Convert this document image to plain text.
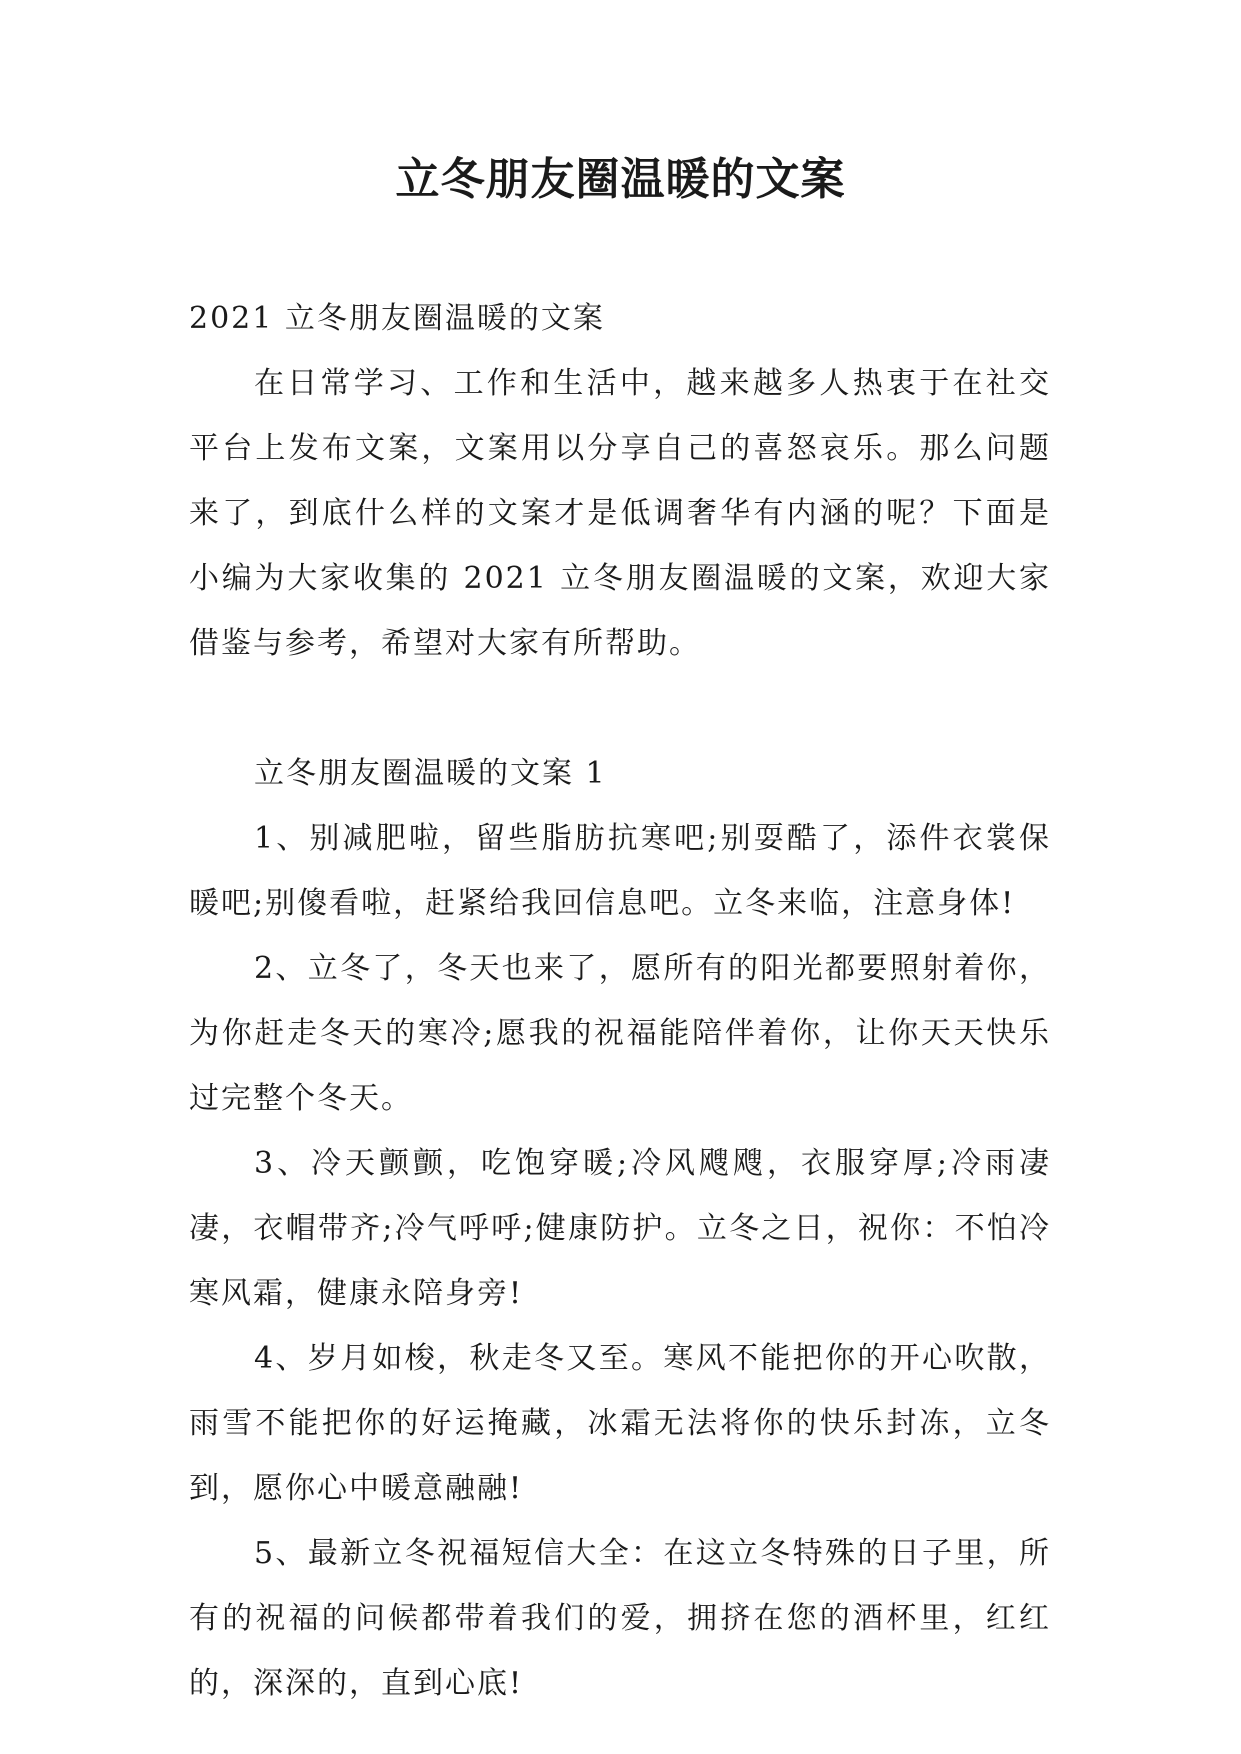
立冬朋友圈温暖的文案

2021 立冬朋友圈温暖的文案

在日常学习、工作和生活中，越来越多人热衷于在社交平台上发布文案，文案用以分享自己的喜怒哀乐。那么问题来了，到底什么样的文案才是低调奢华有内涵的呢？下面是小编为大家收集的 2021 立冬朋友圈温暖的文案，欢迎大家借鉴与参考，希望对大家有所帮助。

立冬朋友圈温暖的文案 1

1、别减肥啦，留些脂肪抗寒吧;别耍酷了，添件衣裳保暖吧;别傻看啦，赶紧给我回信息吧。立冬来临，注意身体!

2、立冬了，冬天也来了，愿所有的阳光都要照射着你，为你赶走冬天的寒冷;愿我的祝福能陪伴着你，让你天天快乐过完整个冬天。

3、冷天颤颤，吃饱穿暖;冷风飕飕，衣服穿厚;冷雨凄凄，衣帽带齐;冷气呼呼;健康防护。立冬之日，祝你：不怕冷寒风霜，健康永陪身旁!

4、岁月如梭，秋走冬又至。寒风不能把你的开心吹散，雨雪不能把你的好运掩藏，冰霜无法将你的快乐封冻，立冬到，愿你心中暖意融融!

5、最新立冬祝福短信大全：在这立冬特殊的日子里，所有的祝福的问候都带着我们的爱，拥挤在您的酒杯里，红红的，深深的，直到心底!
